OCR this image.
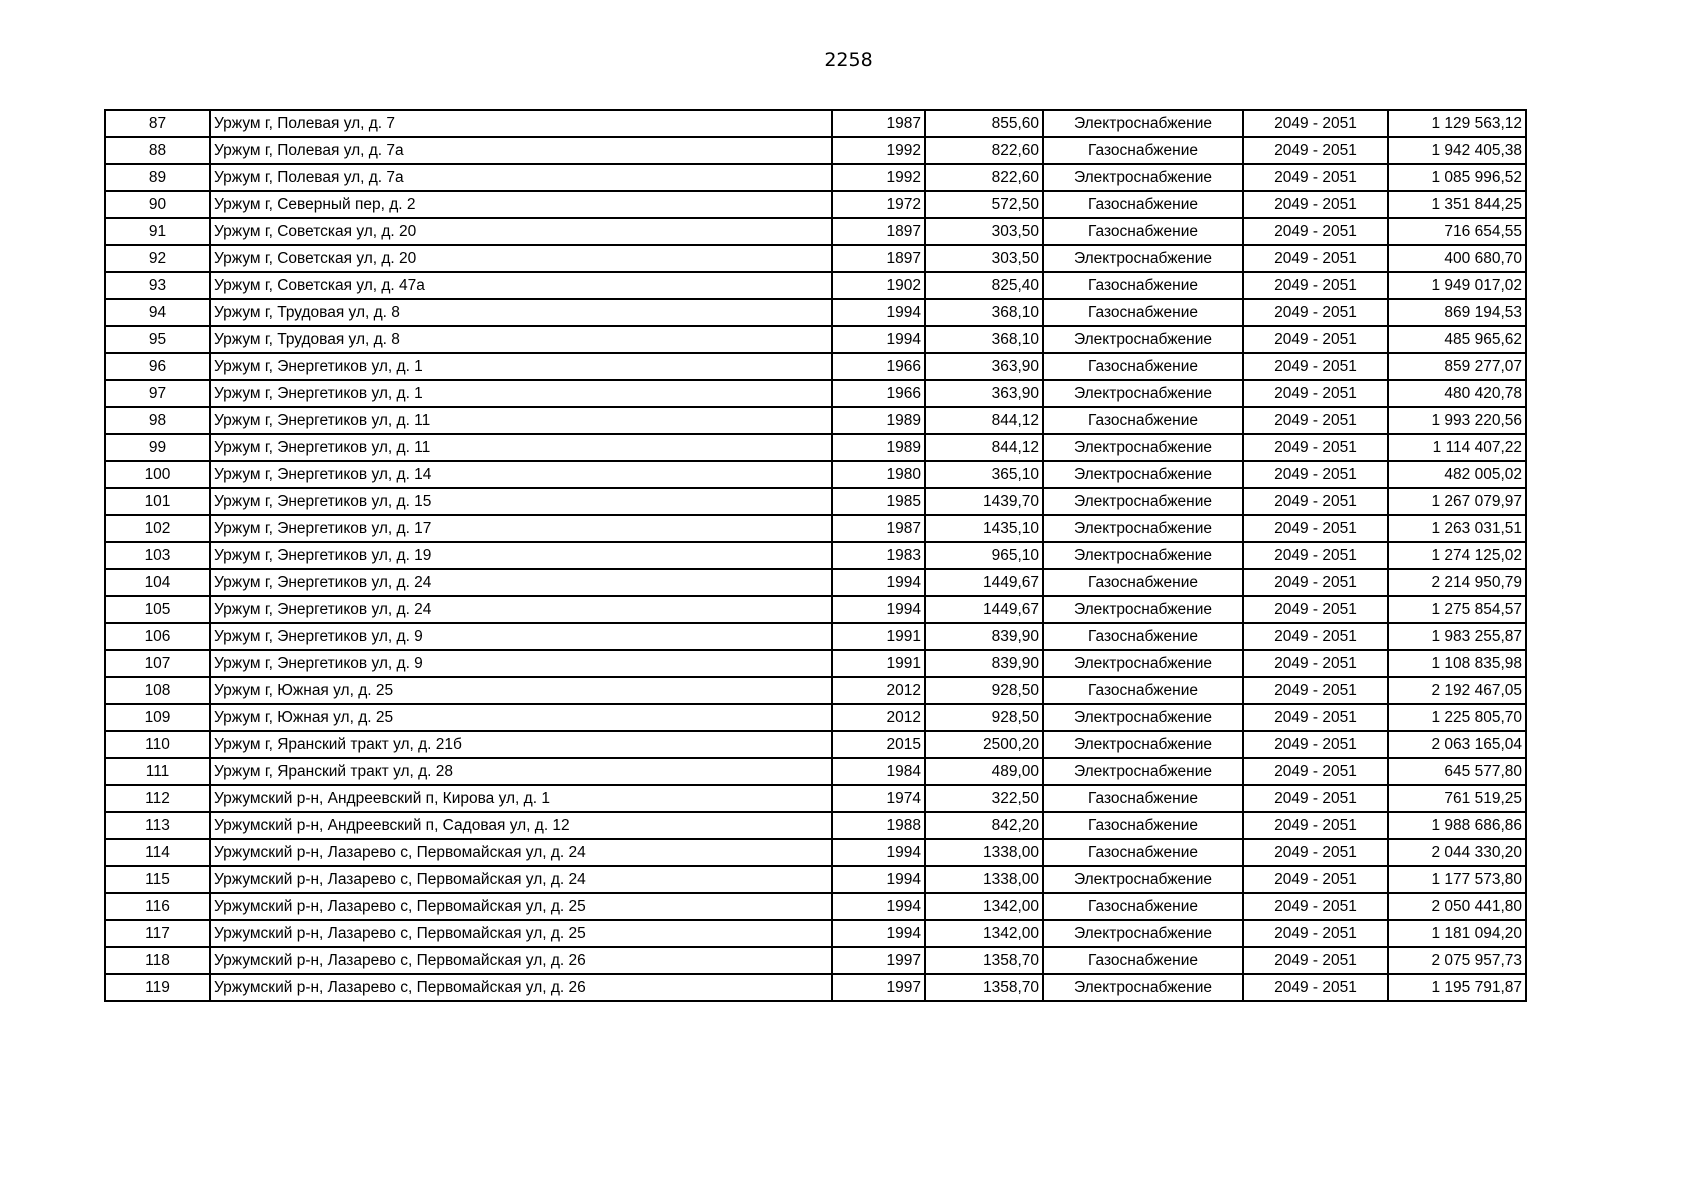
2258
87	Уржум г, Полевая ул, д. 7	1987	855,60	Электроснабжение	2049 - 2051	1 129 563,12
88	Уржум г, Полевая ул, д. 7а	1992	822,60	Газоснабжение	2049 - 2051	1 942 405,38
89	Уржум г, Полевая ул, д. 7а	1992	822,60	Электроснабжение	2049 - 2051	1 085 996,52
90	Уржум г, Северный пер, д. 2	1972	572,50	Газоснабжение	2049 - 2051	1 351 844,25
91	Уржум г, Советская ул, д. 20	1897	303,50	Газоснабжение	2049 - 2051	716 654,55
92	Уржум г, Советская ул, д. 20	1897	303,50	Электроснабжение	2049 - 2051	400 680,70
93	Уржум г, Советская ул, д. 47а	1902	825,40	Газоснабжение	2049 - 2051	1 949 017,02
94	Уржум г, Трудовая ул, д. 8	1994	368,10	Газоснабжение	2049 - 2051	869 194,53
95	Уржум г, Трудовая ул, д. 8	1994	368,10	Электроснабжение	2049 - 2051	485 965,62
96	Уржум г, Энергетиков ул, д. 1	1966	363,90	Газоснабжение	2049 - 2051	859 277,07
97	Уржум г, Энергетиков ул, д. 1	1966	363,90	Электроснабжение	2049 - 2051	480 420,78
98	Уржум г, Энергетиков ул, д. 11	1989	844,12	Газоснабжение	2049 - 2051	1 993 220,56
99	Уржум г, Энергетиков ул, д. 11	1989	844,12	Электроснабжение	2049 - 2051	1 114 407,22
100	Уржум г, Энергетиков ул, д. 14	1980	365,10	Электроснабжение	2049 - 2051	482 005,02
101	Уржум г, Энергетиков ул, д. 15	1985	1439,70	Электроснабжение	2049 - 2051	1 267 079,97
102	Уржум г, Энергетиков ул, д. 17	1987	1435,10	Электроснабжение	2049 - 2051	1 263 031,51
103	Уржум г, Энергетиков ул, д. 19	1983	965,10	Электроснабжение	2049 - 2051	1 274 125,02
104	Уржум г, Энергетиков ул, д. 24	1994	1449,67	Газоснабжение	2049 - 2051	2 214 950,79
105	Уржум г, Энергетиков ул, д. 24	1994	1449,67	Электроснабжение	2049 - 2051	1 275 854,57
106	Уржум г, Энергетиков ул, д. 9	1991	839,90	Газоснабжение	2049 - 2051	1 983 255,87
107	Уржум г, Энергетиков ул, д. 9	1991	839,90	Электроснабжение	2049 - 2051	1 108 835,98
108	Уржум г, Южная ул, д. 25	2012	928,50	Газоснабжение	2049 - 2051	2 192 467,05
109	Уржум г, Южная ул, д. 25	2012	928,50	Электроснабжение	2049 - 2051	1 225 805,70
110	Уржум г, Яранский тракт ул, д. 21б	2015	2500,20	Электроснабжение	2049 - 2051	2 063 165,04
111	Уржум г, Яранский тракт ул, д. 28	1984	489,00	Электроснабжение	2049 - 2051	645 577,80
112	Уржумский р-н, Андреевский п, Кирова ул, д. 1	1974	322,50	Газоснабжение	2049 - 2051	761 519,25
113	Уржумский р-н, Андреевский п, Садовая ул, д. 12	1988	842,20	Газоснабжение	2049 - 2051	1 988 686,86
114	Уржумский р-н, Лазарево с, Первомайская ул, д. 24	1994	1338,00	Газоснабжение	2049 - 2051	2 044 330,20
115	Уржумский р-н, Лазарево с, Первомайская ул, д. 24	1994	1338,00	Электроснабжение	2049 - 2051	1 177 573,80
116	Уржумский р-н, Лазарево с, Первомайская ул, д. 25	1994	1342,00	Газоснабжение	2049 - 2051	2 050 441,80
117	Уржумский р-н, Лазарево с, Первомайская ул, д. 25	1994	1342,00	Электроснабжение	2049 - 2051	1 181 094,20
118	Уржумский р-н, Лазарево с, Первомайская ул, д. 26	1997	1358,70	Газоснабжение	2049 - 2051	2 075 957,73
119	Уржумский р-н, Лазарево с, Первомайская ул, д. 26	1997	1358,70	Электроснабжение	2049 - 2051	1 195 791,87
